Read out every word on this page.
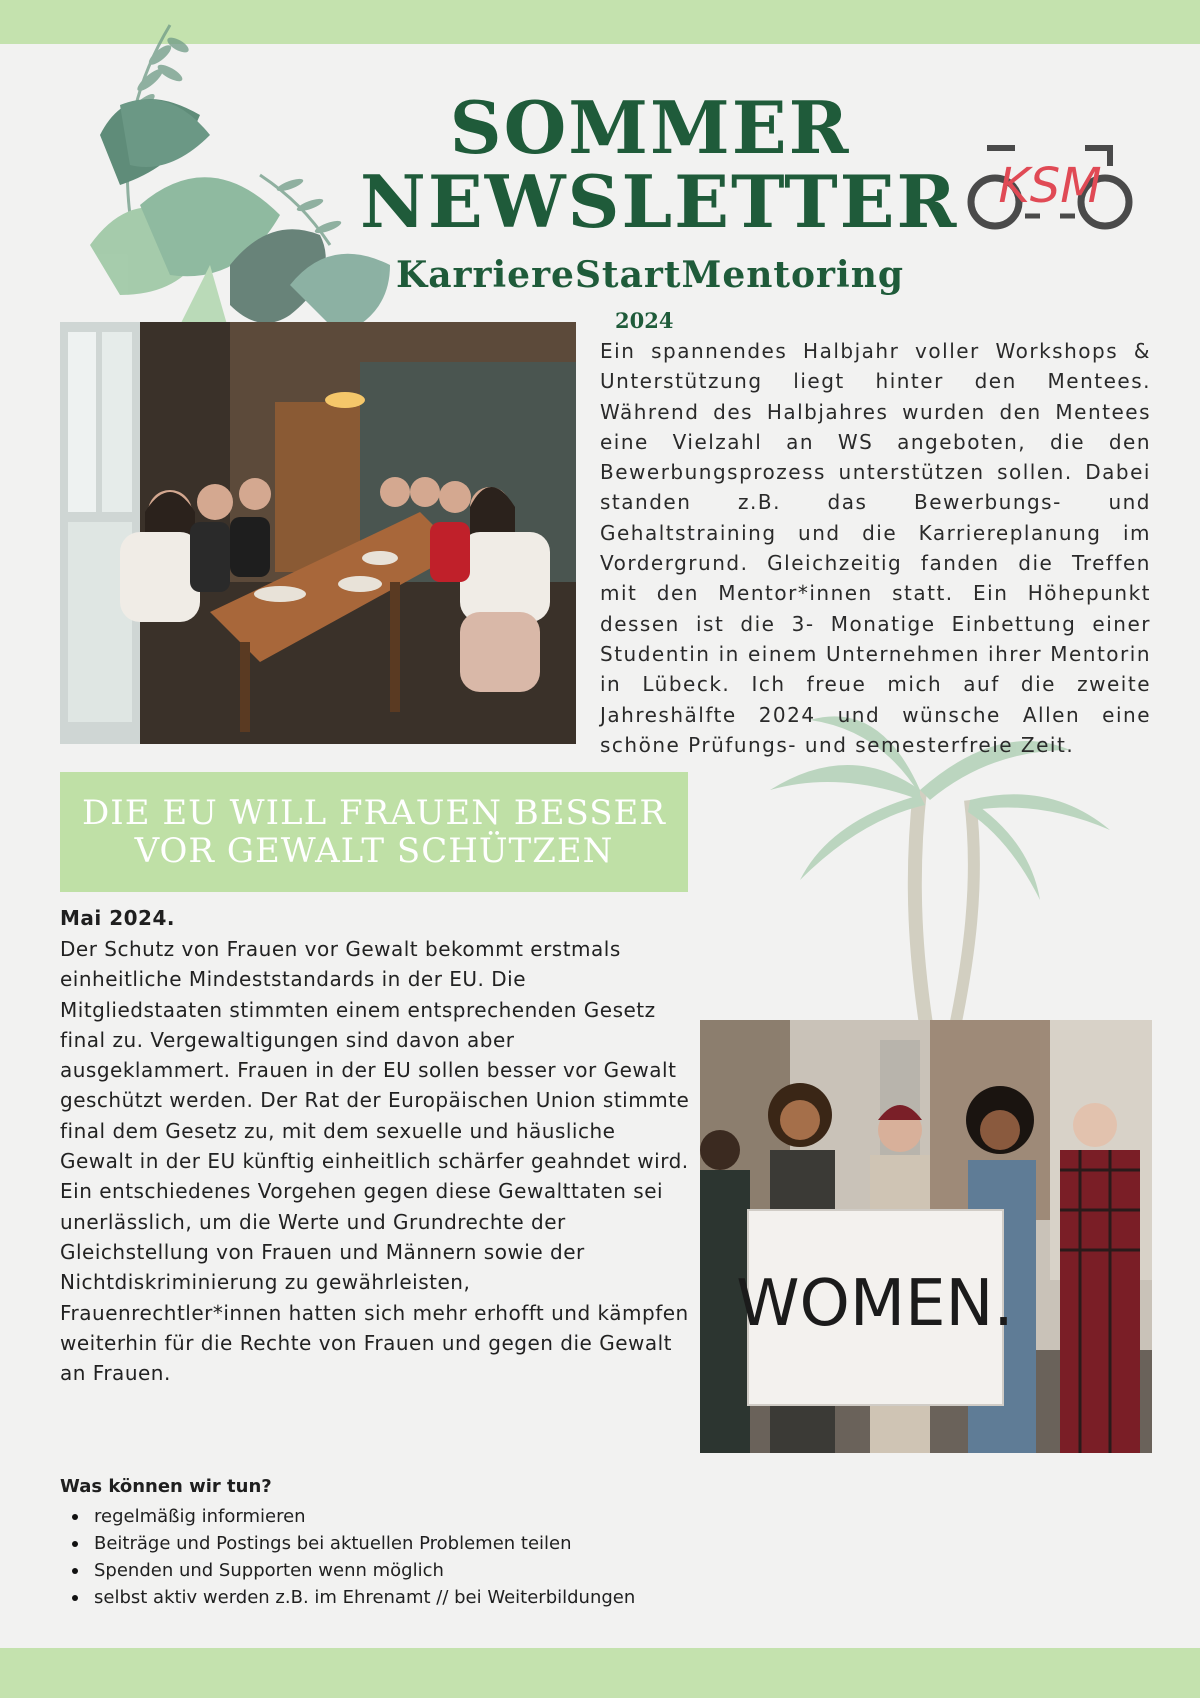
SOMMER
NEWSLETTER
KarriereStartMentoring
2024
KSM

Ein spannendes Halbjahr voller Workshops & Unterstützung liegt hinter den Mentees. Während des Halbjahres wurden den Mentees eine Vielzahl an WS angeboten, die den Bewerbungsprozess unterstützen sollen. Dabei standen z.B. das Bewerbungs- und Gehaltstraining und die Karriereplanung im Vordergrund. Gleichzeitig fanden die Treffen mit den Mentor*innen statt. Ein Höhepunkt dessen ist die 3- Monatige Einbettung einer Studentin in einem Unternehmen ihrer Mentorin in Lübeck. Ich freue mich auf die zweite Jahreshälfte 2024 und wünsche Allen eine schöne Prüfungs- und semesterfreie Zeit.

DIE EU WILL FRAUEN BESSER
VOR GEWALT SCHÜTZEN
Mai 2024.

Der Schutz von Frauen vor Gewalt bekommt erstmals einheitliche Mindeststandards in der EU. Die Mitgliedstaaten stimmten einem entsprechenden Gesetz final zu. Vergewaltigungen sind davon aber ausgeklammert. Frauen in der EU sollen besser vor Gewalt geschützt werden. Der Rat der Europäischen Union stimmte final dem Gesetz zu, mit dem sexuelle und häusliche Gewalt in der EU künftig einheitlich schärfer geahndet wird. Ein entschiedenes Vorgehen gegen diese Gewalttaten sei unerlässlich, um die Werte und Grundrechte der Gleichstellung von Frauen und Männern sowie der Nichtdiskriminierung zu gewährleisten,

Frauenrechtler*innen hatten sich mehr erhofft und kämpfen weiterhin für die Rechte von Frauen und gegen die Gewalt an Frauen.

WOMEN.
Was können wir tun?
regelmäßig informieren
Beiträge und Postings bei aktuellen Problemen teilen
Spenden und Supporten wenn möglich
selbst aktiv werden z.B. im Ehrenamt // bei Weiterbildungen
